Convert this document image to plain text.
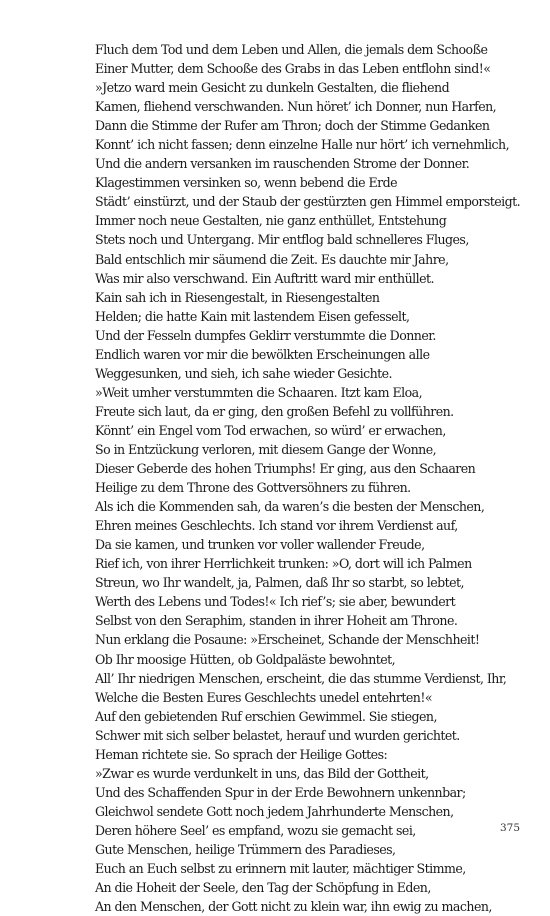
Fluch dem Tod und dem Leben und Allen, die jemals dem Schooße
Einer Mutter, dem Schooße des Grabs in das Leben entflohn sind!«
»Jetzo ward mein Gesicht zu dunkeln Gestalten, die fliehend
Kamen, fliehend verschwanden. Nun höret’ ich Donner, nun Harfen,
Dann die Stimme der Rufer am Thron; doch der Stimme Gedanken
Konnt’ ich nicht fassen; denn einzelne Halle nur hört’ ich vernehmlich,
Und die andern versanken im rauschenden Strome der Donner.
Klagestimmen versinken so, wenn bebend die Erde
Städt’ einstürzt, und der Staub der gestürzten gen Himmel emporsteigt.
Immer noch neue Gestalten, nie ganz enthüllet, Entstehung
Stets noch und Untergang. Mir entflog bald schnelleres Fluges,
Bald entschlich mir säumend die Zeit. Es dauchte mir Jahre,
Was mir also verschwand. Ein Auftritt ward mir enthüllet.
Kain sah ich in Riesengestalt, in Riesengestalten
Helden; die hatte Kain mit lastendem Eisen gefesselt,
Und der Fesseln dumpfes Geklirr verstummte die Donner.
Endlich waren vor mir die bewölkten Erscheinungen alle
Weggesunken, und sieh, ich sahe wieder Gesichte.
»Weit umher verstummten die Schaaren. Itzt kam Eloa,
Freute sich laut, da er ging, den großen Befehl zu vollführen.
Könnt’ ein Engel vom Tod erwachen, so würd’ er erwachen,
So in Entzückung verloren, mit diesem Gange der Wonne,
Dieser Geberde des hohen Triumphs! Er ging, aus den Schaaren
Heilige zu dem Throne des Gottversöhners zu führen.
Als ich die Kommenden sah, da waren’s die besten der Menschen,
Ehren meines Geschlechts. Ich stand vor ihrem Verdienst auf,
Da sie kamen, und trunken vor voller wallender Freude,
Rief ich, von ihrer Herrlichkeit trunken: »O, dort will ich Palmen
Streun, wo Ihr wandelt, ja, Palmen, daß Ihr so starbt, so lebtet,
Werth des Lebens und Todes!« Ich rief’s; sie aber, bewundert
Selbst von den Seraphim, standen in ihrer Hoheit am Throne.
Nun erklang die Posaune: »Erscheinet, Schande der Menschheit!
Ob Ihr moosige Hütten, ob Goldpaläste bewohntet,
All’ Ihr niedrigen Menschen, erscheint, die das stumme Verdienst, Ihr,
Welche die Besten Eures Geschlechts unedel entehrten!«
Auf den gebietenden Ruf erschien Gewimmel. Sie stiegen,
Schwer mit sich selber belastet, herauf und wurden gerichtet.
Heman richtete sie. So sprach der Heilige Gottes:
»Zwar es wurde verdunkelt in uns, das Bild der Gottheit,
Und des Schaffenden Spur in der Erde Bewohnern unkennbar;
Gleichwol sendete Gott noch jedem Jahrhunderte Menschen,
Deren höhere Seel’ es empfand, wozu sie gemacht sei,
Gute Menschen, heilige Trümmern des Paradieses,
Euch an Euch selbst zu erinnern mit lauter, mächtiger Stimme,
An die Hoheit der Seele, den Tag der Schöpfung in Eden,
An den Menschen, der Gott nicht zu klein war, ihn ewig zu machen,
375
